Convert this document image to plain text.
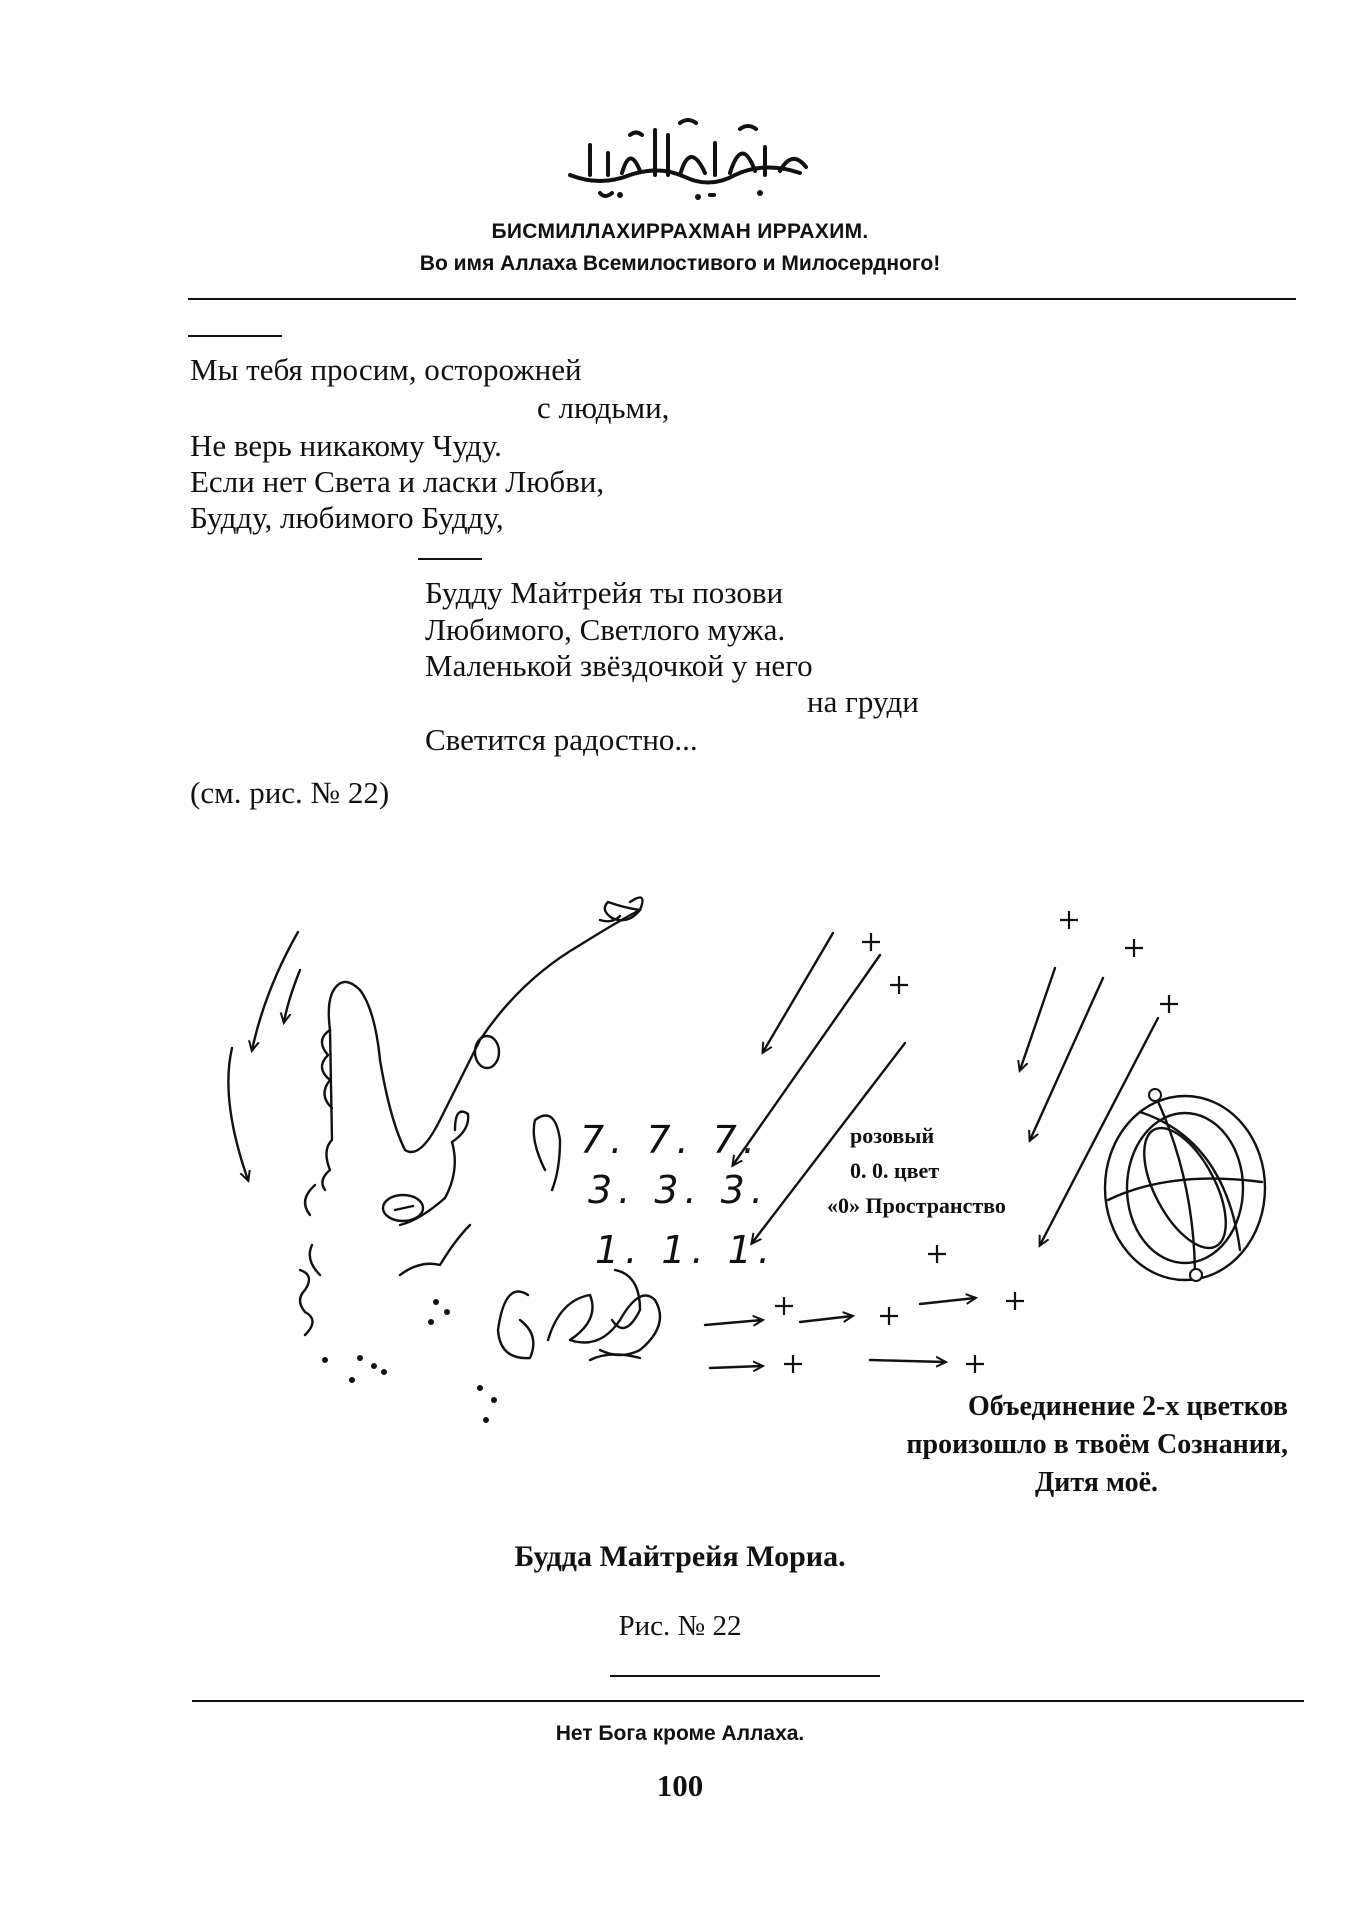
БИСМИЛЛАХИРРАХМАН ИРРАХИМ.
Во имя Аллаха Всемилостивого и Милосердного!
Мы тебя просим, осторожней
с людьми,
Не верь никакому Чуду.
Если нет Света и ласки Любви,
Будду, любимого Будду,
Будду Майтрейя ты позови
Любимого, Светлого мужа.
Маленькой звёздочкой у него
на груди
Светится радостно...
(см. рис. № 22)
7. 7. 7.
3. 3. 3.
1. 1. 1.
розовый
0. 0. цвет
«0» Пространство
Объединение 2-х цветков
произошло в твоём Сознании,
Дитя моё.
Будда Майтрейя Мориа.
Рис. № 22
Нет Бога кроме Аллаха.
100
